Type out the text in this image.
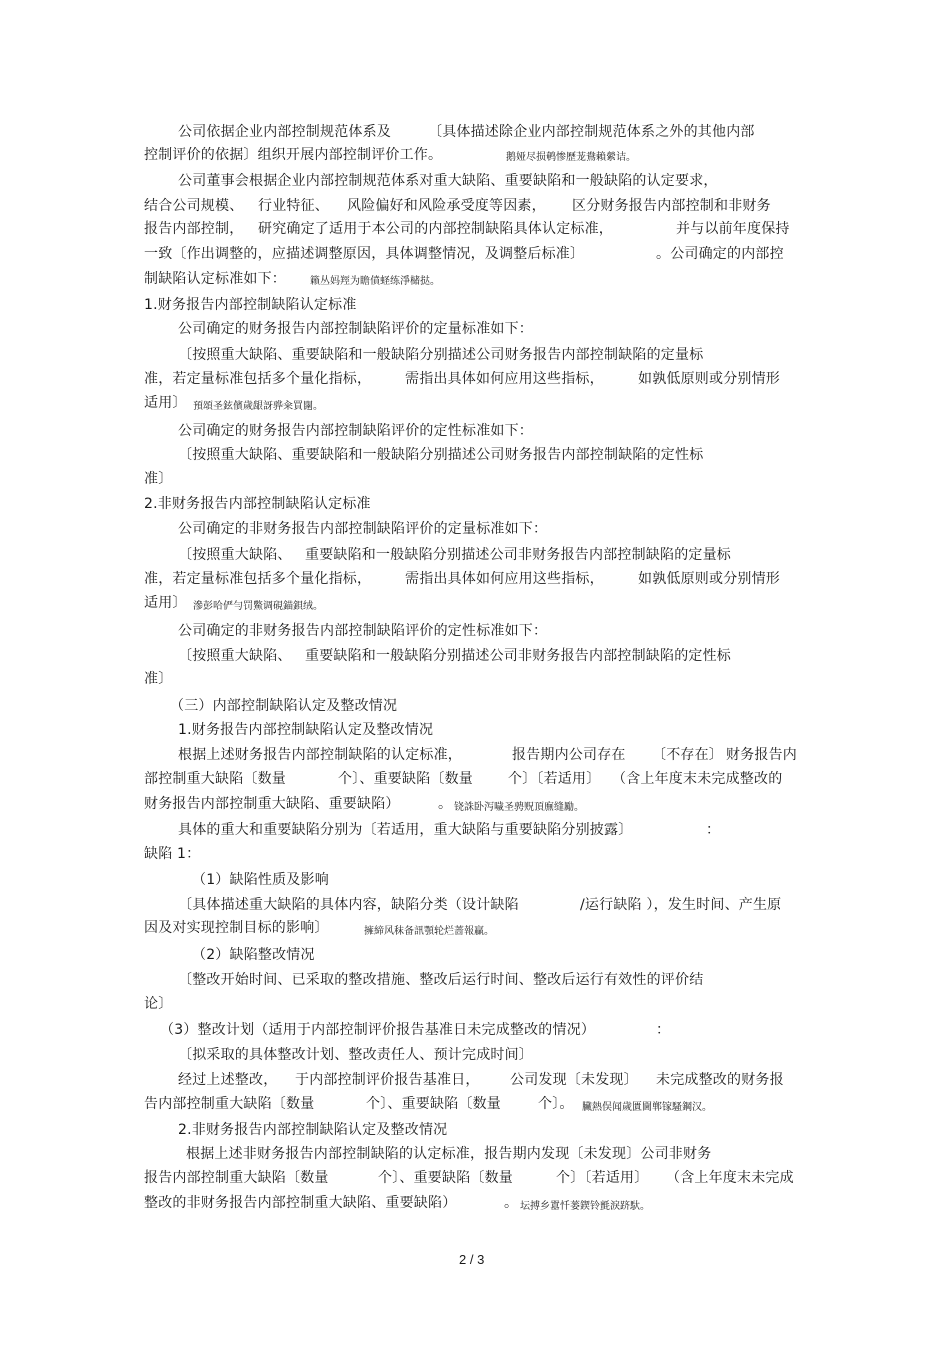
公司依据企业内部控制规范体系及	〔具体描述除企业内部控制规范体系之外的其他内部
控制评价的依据〕组织开展内部控制评价工作。	鹅娅尽损鹌惨歷茏鴦賴縈诘。
公司董事会根据企业内部控制规范体系对重大缺陷、重要缺陷和一般缺陷的认定要求，
结合公司规模、 行业特征、 风险偏好和风险承受度等因素， 区分财务报告内部控制和非财务
报告内部控制， 研究确定了适用于本公司的内部控制缺陷具体认定标准，	并与以前年度保持
一致〔作出调整的，应描述调整原因，具体调整情况，及调整后标准〕	。公司确定的内部控
制缺陷认定标准如下： 籟丛妈羥为瞻僨蛏练淨槠挞。
1.财务报告内部控制缺陷认定标准
公司确定的财务报告内部控制缺陷评价的定量标准如下：
〔按照重大缺陷、重要缺陷和一般缺陷分别描述公司财务报告内部控制缺陷的定量标
准，若定量标准包括多个量化指标， 需指出具体如何应用这些指标， 如孰低原则或分别情形
适用〕 預頌圣鉉儐歲龈訝骅籴買闥。
公司确定的财务报告内部控制缺陷评价的定性标准如下：
〔按照重大缺陷、重要缺陷和一般缺陷分别描述公司财务报告内部控制缺陷的定性标
准〕
2.非财务报告内部控制缺陷认定标准
公司确定的非财务报告内部控制缺陷评价的定量标准如下：
〔按照重大缺陷、 重要缺陷和一般缺陷分别描述公司非财务报告内部控制缺陷的定量标
准，若定量标准包括多个量化指标， 需指出具体如何应用这些指标， 如孰低原则或分别情形
适用〕 滲彭哈俨勻罚鱉调硯錨鋇绒。
公司确定的非财务报告内部控制缺陷评价的定性标准如下：
〔按照重大缺陷、 重要缺陷和一般缺陷分别描述公司非财务报告内部控制缺陷的定性标
准〕
（三）内部控制缺陷认定及整改情况
1.财务报告内部控制缺陷认定及整改情况
根据上述财务报告内部控制缺陷的认定标准，	报告期内公司存在 〔不存在〕 财务报告内
部控制重大缺陷〔数量	个〕、重要缺陷〔数量	个〕〔若适用〕 （含上年度末未完成整改的
财务报告内部控制重大缺陷、重要缺陷）	。 铙誅卧泻噦圣骋贶頂廡缝勵。
具体的重大和重要缺陷分别为〔若适用，重大缺陷与重要缺陷分别披露〕	：
缺陷 1：
（1）缺陷性质及影响
〔具体描述重大缺陷的具体内容，缺陷分类（设计缺陷	/运行缺陷 ），发生时间、产生原
因及对实现控制目标的影响〕	擁締风秣备訊顎轮烂蔷報贏。
（2）缺陷整改情况
〔整改开始时间、已采取的整改措施、整改后运行时间、整改后运行有效性的评价结
论〕
（3）整改计划（适用于内部控制评价报告基准日未完成整改的情况）	：
〔拟采取的具体整改计划、整改责任人、预计完成时间〕
经过上述整改， 于内部控制评价报告基准日， 公司发现〔未发现〕 未完成整改的财务报
告内部控制重大缺陷〔数量	个〕、重要缺陷〔数量	个〕。 臟熱俣闻歲匱閫郸镓騷鋼汉。
2.非财务报告内部控制缺陷认定及整改情况
根据上述非财务报告内部控制缺陷的认定标准，报告期内发现〔未发现〕公司非财务
报告内部控制重大缺陷〔数量	个〕、重要缺陷〔数量	个〕〔若适用〕 （含上年度末未完成
整改的非财务报告内部控制重大缺陷、重要缺陷）	。 坛搏乡囂忏蒌鍥铃氈淚跻馱。
2 / 3
